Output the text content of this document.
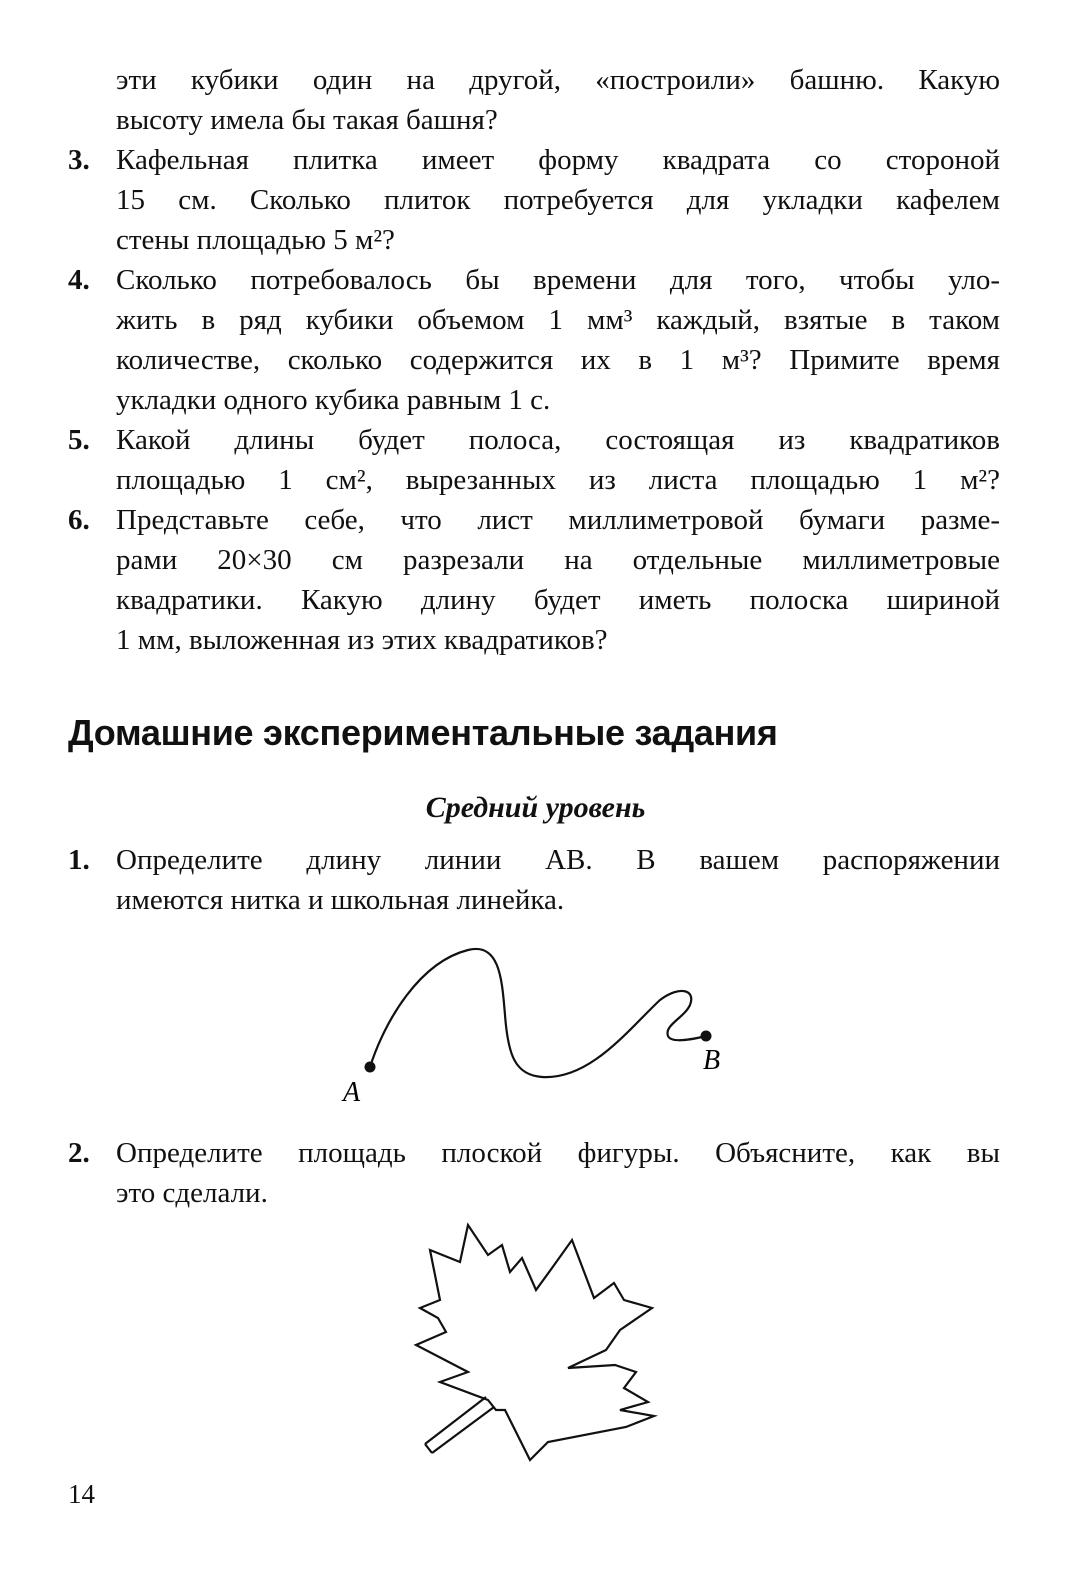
эти кубики один на другой, «построили» башню. Какую
высоту имела бы такая башня?
3. Кафельная плитка имеет форму квадрата со стороной
15 см. Сколько плиток потребуется для укладки кафелем
стены площадью 5 м²?
4. Сколько потребовалось бы времени для того, чтобы уло-
жить в ряд кубики объемом 1 мм³ каждый, взятые в таком
количестве, сколько содержится их в 1 м³? Примите время
укладки одного кубика равным 1 с.
5. Какой длины будет полоса, состоящая из квадратиков
площадью 1 см², вырезанных из листа площадью 1 м²?
6. Представьте себе, что лист миллиметровой бумаги разме-
рами 20×30 см разрезали на отдельные миллиметровые
квадратики. Какую длину будет иметь полоска шириной
1 мм, выложенная из этих квадратиков?
Домашние экспериментальные задания
Средний уровень
1. Определите длину линии AB. В вашем распоряжении
имеются нитка и школьная линейка.
A
B
2. Определите площадь плоской фигуры. Объясните, как вы
это сделали.
14
